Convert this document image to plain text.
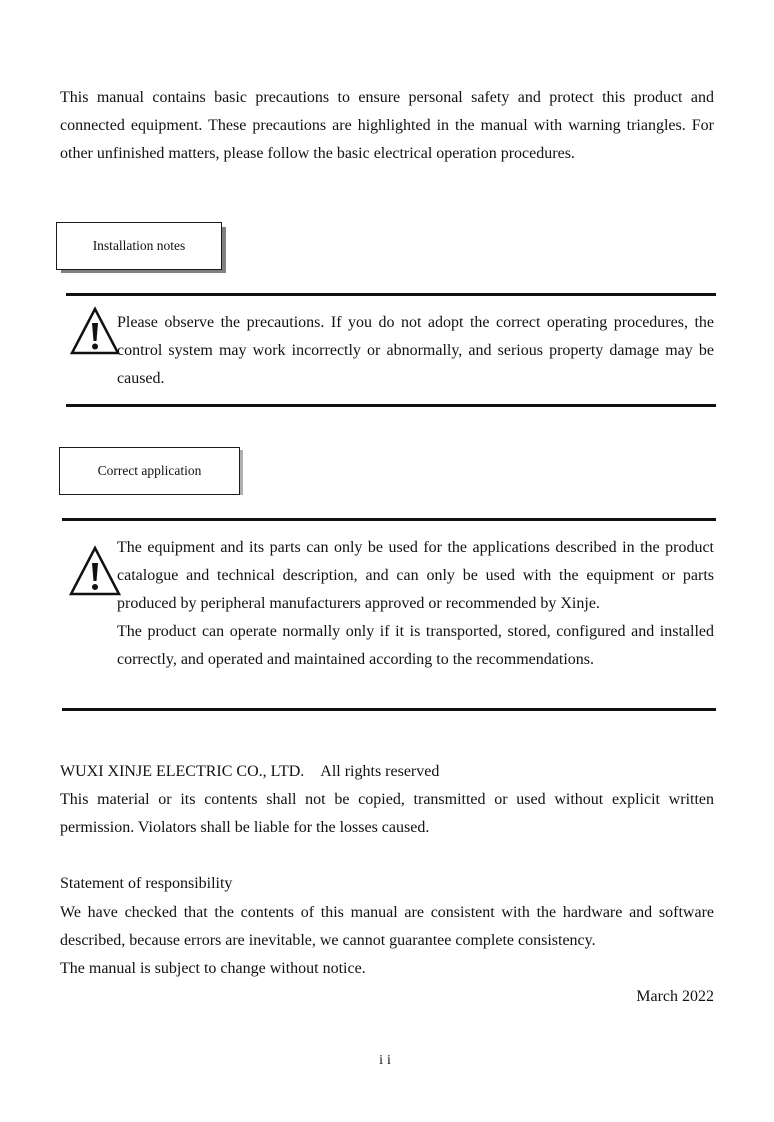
This manual contains basic precautions to ensure personal safety and protect this product and connected equipment. These precautions are highlighted in the manual with warning triangles. For other unfinished matters, please follow the basic electrical operation procedures.

Installation notes

Please observe the precautions. If you do not adopt the correct operating procedures, the control system may work incorrectly or abnormally, and serious property damage may be caused.

Correct application

The equipment and its parts can only be used for the applications described in the product catalogue and technical description, and can only be used with the equipment or parts produced by peripheral manufacturers approved or recommended by Xinje.

The product can operate normally only if it is transported, stored, configured and installed correctly, and operated and maintained according to the recommendations.

WUXI XINJE ELECTRIC CO., LTD.    All rights reserved

This material or its contents shall not be copied, transmitted or used without explicit written permission. Violators shall be liable for the losses caused.

Statement of responsibility

We have checked that the contents of this manual are consistent with the hardware and software described, because errors are inevitable, we cannot guarantee complete consistency.

The manual is subject to change without notice.

March 2022
ii
